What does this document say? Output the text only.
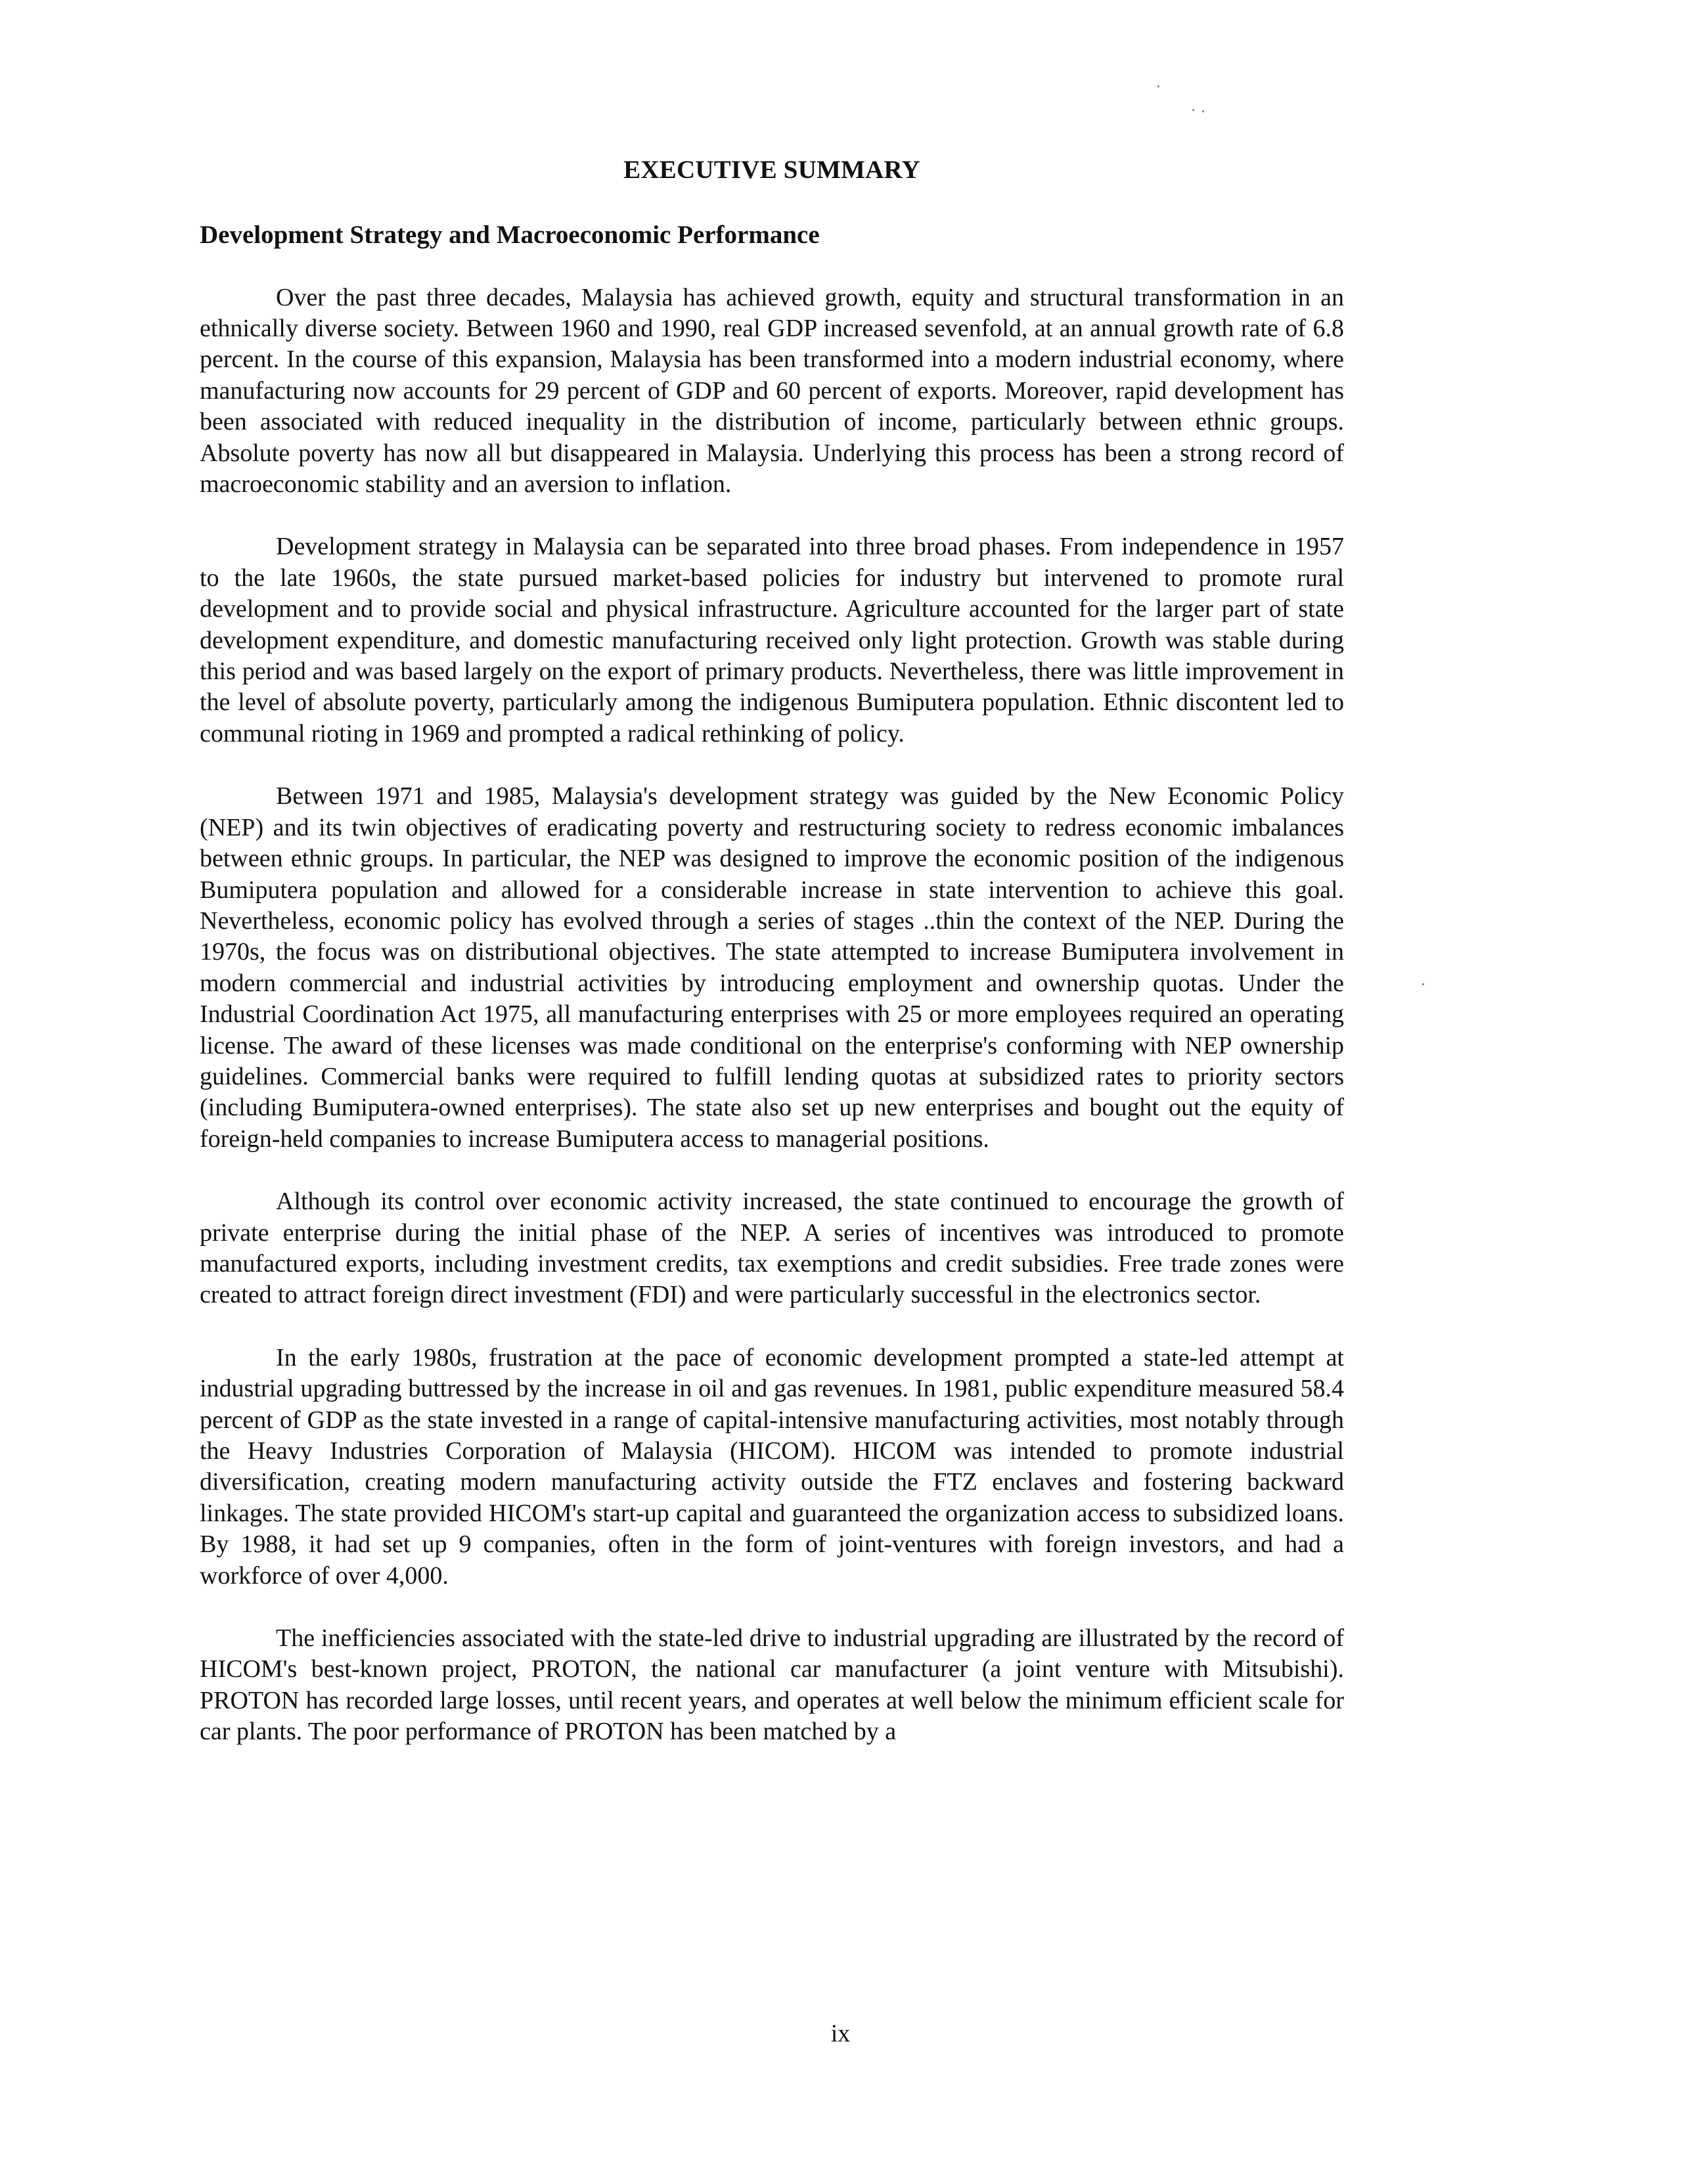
EXECUTIVE SUMMARY
Development Strategy and Macroeconomic Performance

Over the past three decades, Malaysia has achieved growth, equity and structural transformation in an ethnically diverse society. Between 1960 and 1990, real GDP increased sevenfold, at an annual growth rate of 6.8 percent. In the course of this expansion, Malaysia has been transformed into a modern industrial economy, where manufacturing now accounts for 29 percent of GDP and 60 percent of exports. Moreover, rapid development has been associated with reduced inequality in the distribution of income, particularly between ethnic groups. Absolute poverty has now all but disappeared in Malaysia. Underlying this process has been a strong record of macroeconomic stability and an aversion to inflation.

Development strategy in Malaysia can be separated into three broad phases. From independence in 1957 to the late 1960s, the state pursued market-based policies for industry but intervened to promote rural development and to provide social and physical infrastructure. Agriculture accounted for the larger part of state development expenditure, and domestic manufacturing received only light protection. Growth was stable during this period and was based largely on the export of primary products. Nevertheless, there was little improvement in the level of absolute poverty, particularly among the indigenous Bumiputera population. Ethnic discontent led to communal rioting in 1969 and prompted a radical rethinking of policy.

Between 1971 and 1985, Malaysia's development strategy was guided by the New Economic Policy (NEP) and its twin objectives of eradicating poverty and restructuring society to redress economic imbalances between ethnic groups. In particular, the NEP was designed to improve the economic position of the indigenous Bumiputera population and allowed for a considerable increase in state intervention to achieve this goal. Nevertheless, economic policy has evolved through a series of stages ..thin the context of the NEP. During the 1970s, the focus was on distributional objectives. The state attempted to increase Bumiputera involvement in modern commercial and industrial activities by introducing employment and ownership quotas. Under the Industrial Coordination Act 1975, all manufacturing enterprises with 25 or more employees required an operating license. The award of these licenses was made conditional on the enterprise's conforming with NEP ownership guidelines. Commercial banks were required to fulfill lending quotas at subsidized rates to priority sectors (including Bumiputera-owned enterprises). The state also set up new enterprises and bought out the equity of foreign-held companies to increase Bumiputera access to managerial positions.

Although its control over economic activity increased, the state continued to encourage the growth of private enterprise during the initial phase of the NEP. A series of incentives was introduced to promote manufactured exports, including investment credits, tax exemptions and credit subsidies. Free trade zones were created to attract foreign direct investment (FDI) and were particularly successful in the electronics sector.

In the early 1980s, frustration at the pace of economic development prompted a state-led attempt at industrial upgrading buttressed by the increase in oil and gas revenues. In 1981, public expenditure measured 58.4 percent of GDP as the state invested in a range of capital-intensive manufacturing activities, most notably through the Heavy Industries Corporation of Malaysia (HICOM). HICOM was intended to promote industrial diversification, creating modern manufacturing activity outside the FTZ enclaves and fostering backward linkages. The state provided HICOM's start-up capital and guaranteed the organization access to subsidized loans. By 1988, it had set up 9 companies, often in the form of joint-ventures with foreign investors, and had a workforce of over 4,000.

The inefficiencies associated with the state-led drive to industrial upgrading are illustrated by the record of HICOM's best-known project, PROTON, the national car manufacturer (a joint venture with Mitsubishi). PROTON has recorded large losses, until recent years, and operates at well below the minimum efficient scale for car plants. The poor performance of PROTON has been matched by a

ix
